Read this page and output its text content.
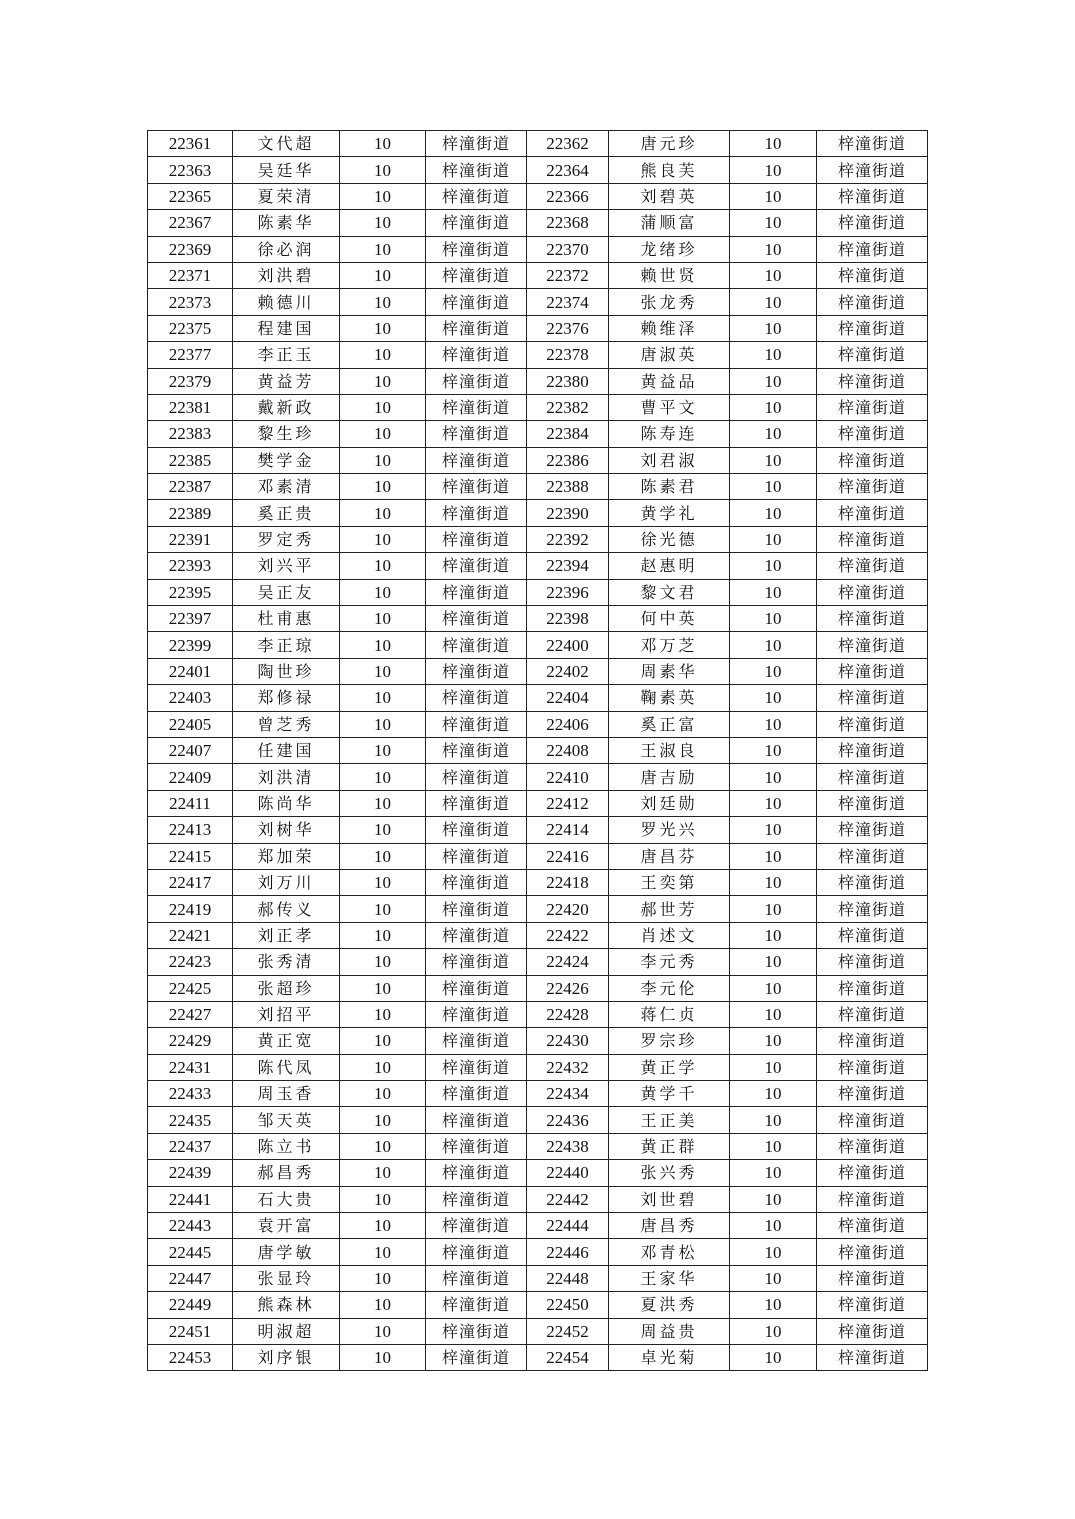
22361	文代超	10	梓潼街道	22362	唐元珍	10	梓潼街道
22363	吴廷华	10	梓潼街道	22364	熊良芙	10	梓潼街道
22365	夏荣清	10	梓潼街道	22366	刘碧英	10	梓潼街道
22367	陈素华	10	梓潼街道	22368	蒲顺富	10	梓潼街道
22369	徐必润	10	梓潼街道	22370	龙绪珍	10	梓潼街道
22371	刘洪碧	10	梓潼街道	22372	赖世贤	10	梓潼街道
22373	赖德川	10	梓潼街道	22374	张龙秀	10	梓潼街道
22375	程建国	10	梓潼街道	22376	赖维泽	10	梓潼街道
22377	李正玉	10	梓潼街道	22378	唐淑英	10	梓潼街道
22379	黄益芳	10	梓潼街道	22380	黄益品	10	梓潼街道
22381	戴新政	10	梓潼街道	22382	曹平文	10	梓潼街道
22383	黎生珍	10	梓潼街道	22384	陈寿连	10	梓潼街道
22385	樊学金	10	梓潼街道	22386	刘君淑	10	梓潼街道
22387	邓素清	10	梓潼街道	22388	陈素君	10	梓潼街道
22389	奚正贵	10	梓潼街道	22390	黄学礼	10	梓潼街道
22391	罗定秀	10	梓潼街道	22392	徐光德	10	梓潼街道
22393	刘兴平	10	梓潼街道	22394	赵惠明	10	梓潼街道
22395	吴正友	10	梓潼街道	22396	黎文君	10	梓潼街道
22397	杜甫惠	10	梓潼街道	22398	何中英	10	梓潼街道
22399	李正琼	10	梓潼街道	22400	邓万芝	10	梓潼街道
22401	陶世珍	10	梓潼街道	22402	周素华	10	梓潼街道
22403	郑修禄	10	梓潼街道	22404	鞠素英	10	梓潼街道
22405	曾芝秀	10	梓潼街道	22406	奚正富	10	梓潼街道
22407	任建国	10	梓潼街道	22408	王淑良	10	梓潼街道
22409	刘洪清	10	梓潼街道	22410	唐吉励	10	梓潼街道
22411	陈尚华	10	梓潼街道	22412	刘廷勋	10	梓潼街道
22413	刘树华	10	梓潼街道	22414	罗光兴	10	梓潼街道
22415	郑加荣	10	梓潼街道	22416	唐昌芬	10	梓潼街道
22417	刘万川	10	梓潼街道	22418	王奕第	10	梓潼街道
22419	郝传义	10	梓潼街道	22420	郝世芳	10	梓潼街道
22421	刘正孝	10	梓潼街道	22422	肖述文	10	梓潼街道
22423	张秀清	10	梓潼街道	22424	李元秀	10	梓潼街道
22425	张超珍	10	梓潼街道	22426	李元伦	10	梓潼街道
22427	刘招平	10	梓潼街道	22428	蒋仁贞	10	梓潼街道
22429	黄正宽	10	梓潼街道	22430	罗宗珍	10	梓潼街道
22431	陈代凤	10	梓潼街道	22432	黄正学	10	梓潼街道
22433	周玉香	10	梓潼街道	22434	黄学千	10	梓潼街道
22435	邹天英	10	梓潼街道	22436	王正美	10	梓潼街道
22437	陈立书	10	梓潼街道	22438	黄正群	10	梓潼街道
22439	郝昌秀	10	梓潼街道	22440	张兴秀	10	梓潼街道
22441	石大贵	10	梓潼街道	22442	刘世碧	10	梓潼街道
22443	袁开富	10	梓潼街道	22444	唐昌秀	10	梓潼街道
22445	唐学敏	10	梓潼街道	22446	邓青松	10	梓潼街道
22447	张显玲	10	梓潼街道	22448	王家华	10	梓潼街道
22449	熊森林	10	梓潼街道	22450	夏洪秀	10	梓潼街道
22451	明淑超	10	梓潼街道	22452	周益贵	10	梓潼街道
22453	刘序银	10	梓潼街道	22454	卓光菊	10	梓潼街道
